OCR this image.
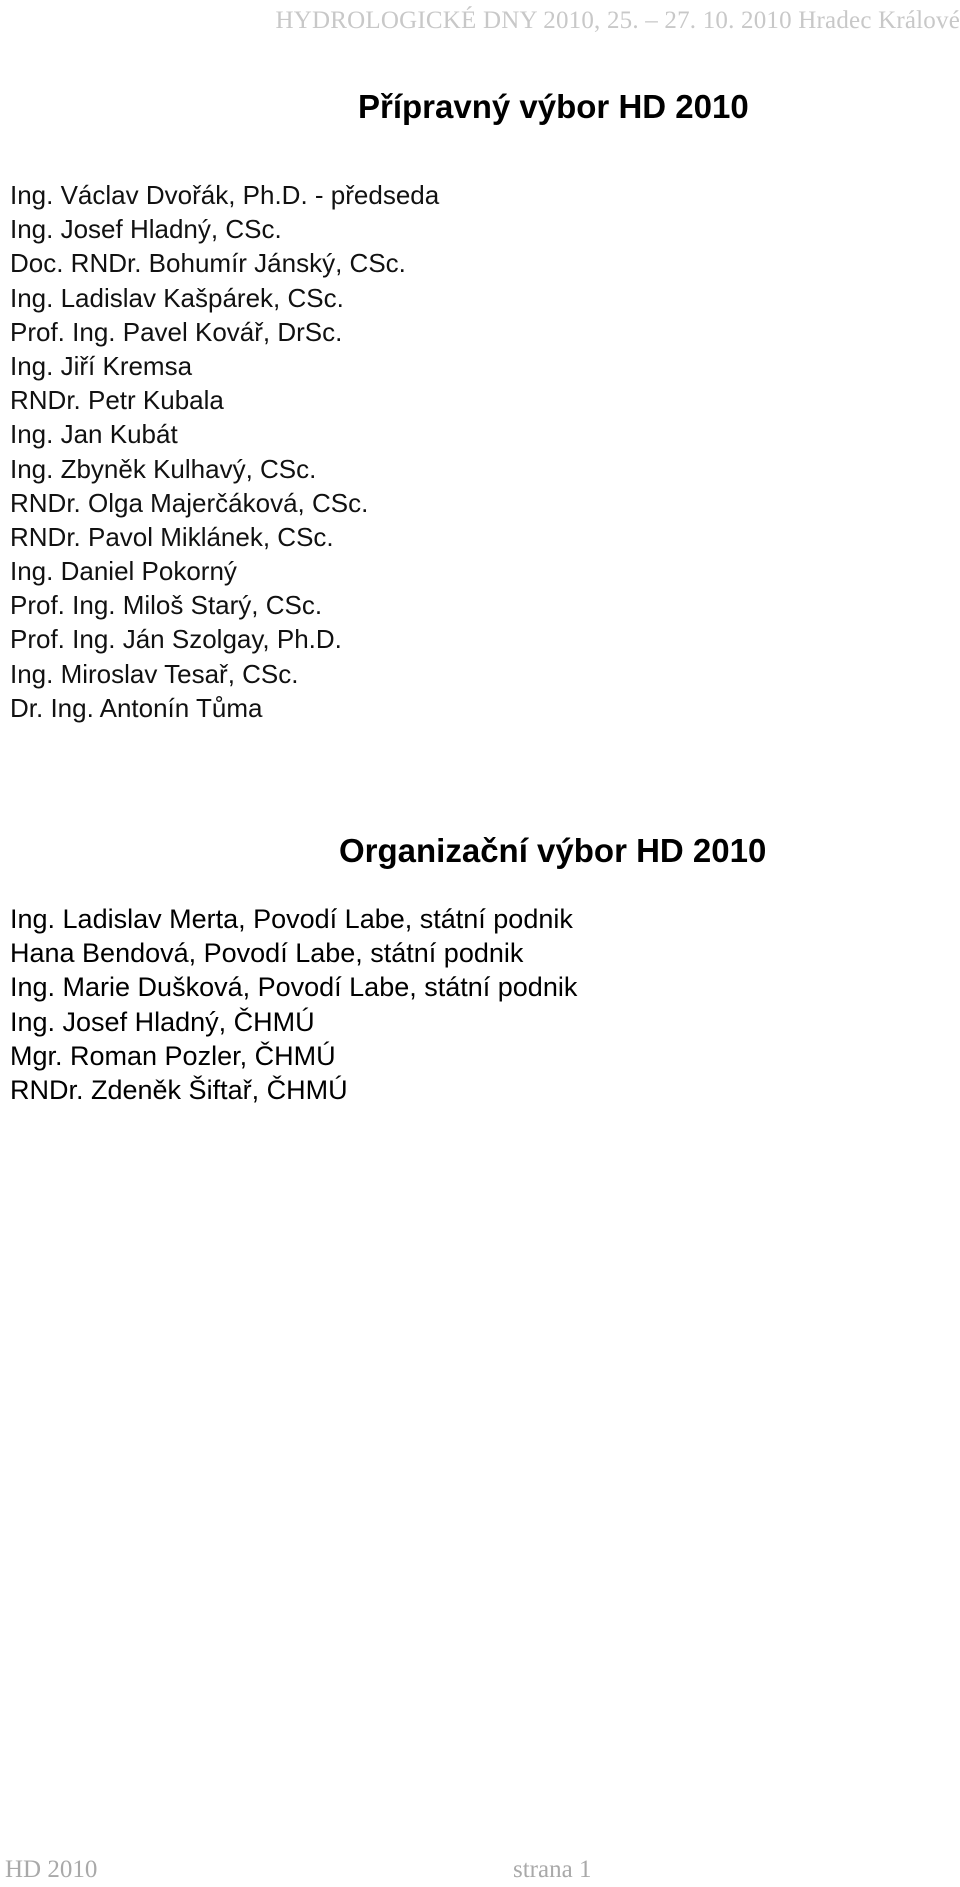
HYDROLOGICKÉ DNY 2010, 25. – 27. 10. 2010 Hradec Králové
Přípravný výbor HD 2010
Ing. Václav Dvořák, Ph.D. - předseda
Ing. Josef Hladný, CSc.
Doc. RNDr. Bohumír Jánský, CSc.
Ing. Ladislav Kašpárek, CSc.
Prof. Ing. Pavel Kovář, DrSc.
Ing. Jiří Kremsa
RNDr. Petr Kubala
Ing. Jan Kubát
Ing. Zbyněk Kulhavý, CSc.
RNDr. Olga Majerčáková, CSc.
RNDr. Pavol Miklánek, CSc.
Ing. Daniel Pokorný
Prof. Ing. Miloš Starý, CSc.
Prof. Ing. Ján Szolgay, Ph.D.
Ing. Miroslav Tesař, CSc.
Dr. Ing. Antonín Tůma
Organizační výbor HD 2010
Ing. Ladislav Merta, Povodí Labe, státní podnik
Hana Bendová, Povodí Labe, státní podnik
Ing. Marie Dušková, Povodí Labe, státní podnik
Ing. Josef Hladný, ČHMÚ
Mgr. Roman Pozler, ČHMÚ
RNDr. Zdeněk Šiftař, ČHMÚ
HD 2010	strana 1
